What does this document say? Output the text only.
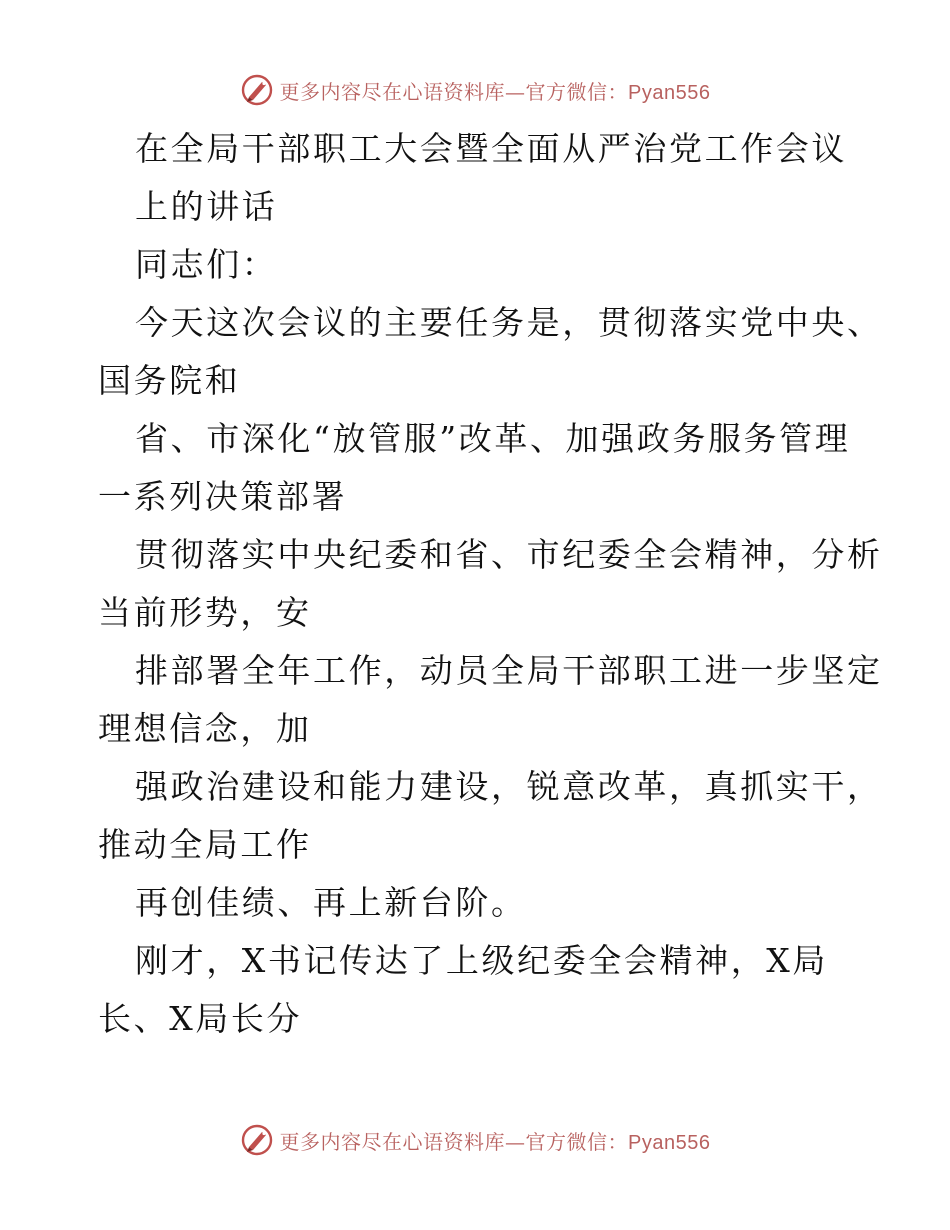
更多内容尽在心语资料库—官方微信：Pyan556
在全局干部职工大会暨全面从严治党工作会议
上的讲话
同志们：
今天这次会议的主要任务是，贯彻落实党中央、
国务院和
省、市深化“放管服”改革、加强政务服务管理
一系列决策部署
贯彻落实中央纪委和省、市纪委全会精神，分析
当前形势，安
排部署全年工作，动员全局干部职工进一步坚定
理想信念，加
强政治建设和能力建设，锐意改革，真抓实干，
推动全局工作
再创佳绩、再上新台阶。
刚才，X书记传达了上级纪委全会精神，X局
长、X局长分
更多内容尽在心语资料库—官方微信：Pyan556
